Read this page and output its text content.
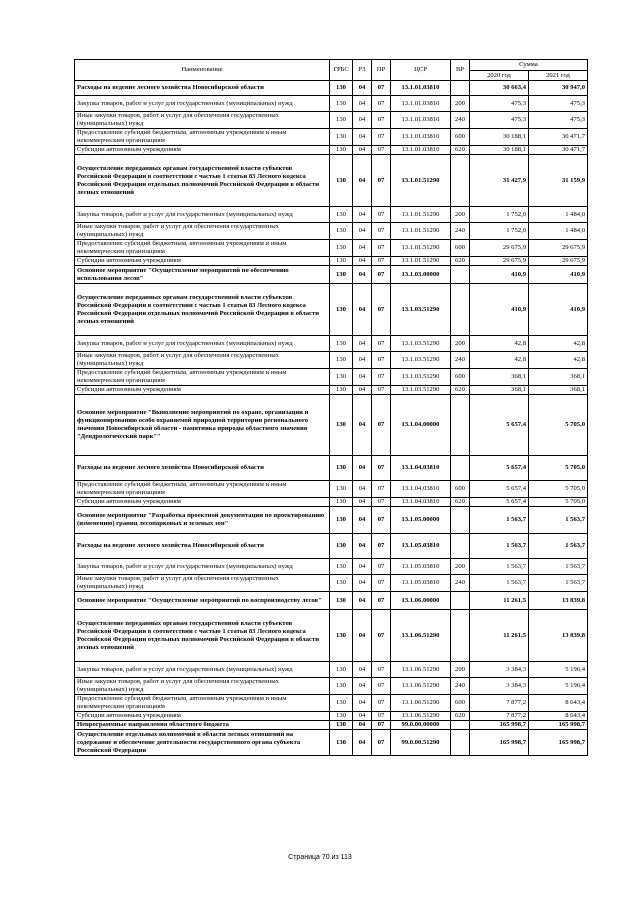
Наименование	ГРБС	РЗ	ПР	ЦСР	ВР	Сумма	
						2020 год	2021 год
Расходы на ведение лесного хозяйства Новосибирской области	130	04	07	13.1.01.03810		30 663,4	30 947,0
Закупка товаров, работ и услуг для государственных (муниципальных) нужд	130	04	07	13.1.01.03810	200	475,3	475,3
Иные закупки товаров, работ и услуг для обеспечения государственных (муниципальных) нужд	130	04	07	13.1.01.03810	240	475,3	475,3
Предоставление субсидий бюджетным, автономным учреждениям и иным некоммерческим организациям	130	04	07	13.1.01.03810	600	30 188,1	30 471,7
Субсидии автономным учреждениям	130	04	07	13.1.01.03810	620	30 188,1	30 471,7
Осуществление переданных органам государственной власти субъектов Российской Федерации в соответствии с частью 1 статьи 83 Лесного кодекса Российской Федерации отдельных полномочий Российской Федерации в области лесных отношений	130	04	07	13.1.01.51290		31 427,9	31 159,9
Закупка товаров, работ и услуг для государственных (муниципальных) нужд	130	04	07	13.1.01.51290	200	1 752,0	1 484,0
Иные закупки товаров, работ и услуг для обеспечения государственных (муниципальных) нужд	130	04	07	13.1.01.51290	240	1 752,0	1 484,0
Предоставление субсидий бюджетным, автономным учреждениям и иным некоммерческим организациям	130	04	07	13.1.01.51290	600	29 675,9	29 675,9
Субсидии автономным учреждениям	130	04	07	13.1.01.51290	620	29 675,9	29 675,9
Основное мероприятие "Осуществление мероприятий по обеспечению использования лесов"	130	04	07	13.1.03.00000		410,9	410,9
Осуществление переданных органам государственной власти субъектов Российской Федерации в соответствии с частью 1 статьи 83 Лесного кодекса Российской Федерации отдельных полномочий Российской Федерации в области лесных отношений	130	04	07	13.1.03.51290		410,9	410,9
Закупка товаров, работ и услуг для государственных (муниципальных) нужд	130	04	07	13.1.03.51290	200	42,8	42,8
Иные закупки товаров, работ и услуг для обеспечения государственных (муниципальных) нужд	130	04	07	13.1.03.51290	240	42,8	42,8
Предоставление субсидий бюджетным, автономным учреждениям и иным некоммерческим организациям	130	04	07	13.1.03.51290	600	368,1	368,1
Субсидии автономным учреждениям	130	04	07	13.1.03.51290	620	368,1	368,1
Основное мероприятие "Выполнение мероприятий по охране, организации и функционированию особо охраняемой природной территории регионального значения Новосибирской области - памятника природы областного значения "Дендрологический парк""	130	04	07	13.1.04.00000		5 657,4	5 705,0
Расходы на ведение лесного хозяйства Новосибирской области	130	04	07	13.1.04.03810		5 657,4	5 705,0
Предоставление субсидий бюджетным, автономным учреждениям и иным некоммерческим организациям	130	04	07	13.1.04.03810	600	5 657,4	5 705,0
Субсидии автономным учреждениям	130	04	07	13.1.04.03810	620	5 657,4	5 705,0
Основное мероприятие "Разработка проектной документации по проектированию (изменению) границ лесопарковых и зеленых зон"	130	04	07	13.1.05.00000		1 563,7	1 563,7
Расходы на ведение лесного хозяйства Новосибирской области	130	04	07	13.1.05.03810		1 563,7	1 563,7
Закупка товаров, работ и услуг для государственных (муниципальных) нужд	130	04	07	13.1.05.03810	200	1 563,7	1 563,7
Иные закупки товаров, работ и услуг для обеспечения государственных (муниципальных) нужд	130	04	07	13.1.05.03810	240	1 563,7	1 563,7
Основное мероприятие "Осуществление мероприятий по воспроизводству лесов"	130	04	07	13.1.06.00000		11 261,5	13 839,8
Осуществление переданных органам государственной власти субъектов Российской Федерации в соответствии с частью 1 статьи 83 Лесного кодекса Российской Федерации отдельных полномочий Российской Федерации в области лесных отношений	130	04	07	13.1.06.51290		11 261,5	13 839,8
Закупка товаров, работ и услуг для государственных (муниципальных) нужд	130	04	07	13.1.06.51290	200	3 384,3	5 196,4
Иные закупки товаров, работ и услуг для обеспечения государственных (муниципальных) нужд	130	04	07	13.1.06.51290	240	3 384,3	5 196,4
Предоставление субсидий бюджетным, автономным учреждениям и иным некоммерческим организациям	130	04	07	13.1.06.51290	600	7 877,2	8 643,4
Субсидии автономным учреждениям	130	04	07	13.1.06.51290	620	7 877,2	8 643,4
Непрограммные направления областного бюджета	130	04	07	99.0.00.00000		165 998,7	165 998,7
Осуществление отдельных полномочий в области лесных отношений на содержание и обеспечение деятельности государственного органа субъекта Российской Федерации	130	04	07	99.0.00.51290		165 998,7	165 998,7
Страница 70 из 113
